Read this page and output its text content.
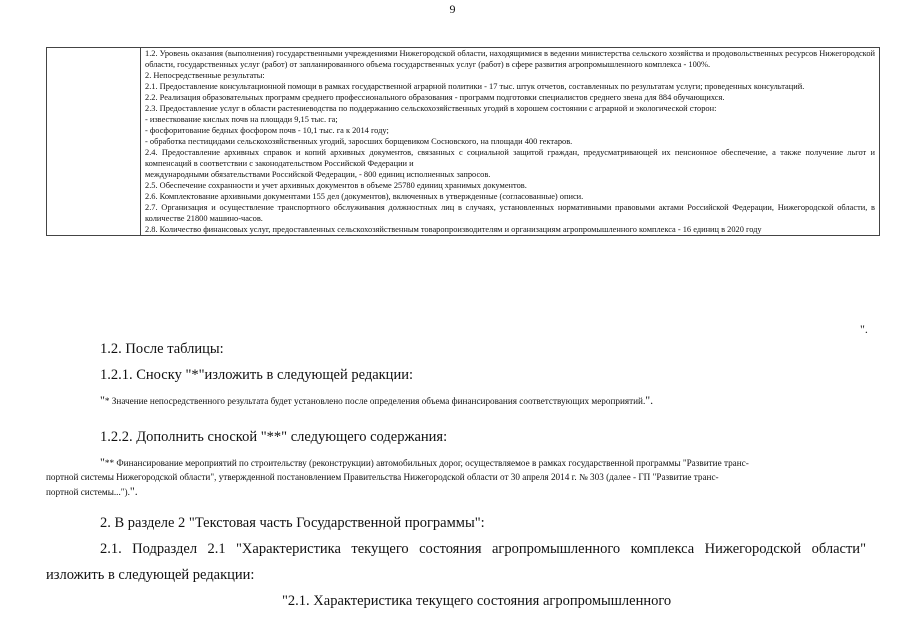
9

1.2. Уровень оказания (выполнения) государственными учреждениями Нижегородской области, находящимися в ведении министерства сельского хозяйства и продовольственных ресурсов Нижегородской области, государственных услуг (работ) от запланированного объема государственных услуг (работ) в сфере развития агропромышленного комплекса - 100%.
2. Непосредственные результаты:
2.1. Предоставление консультационной помощи в рамках государственной аграрной политики - 17 тыс. штук отчетов, составленных по результатам услуги; проведенных консультаций.
2.2. Реализация образовательных программ среднего профессионального образования - программ подготовки специалистов среднего звена для 884 обучающихся.
2.3. Предоставление услуг в области растениеводства по поддержанию сельскохозяйственных угодий в хорошем состоянии с аграрной и экологической сторон:
- известкование кислых почв на площади 9,15 тыс. га;
- фосфоритование бедных фосфором почв - 10,1 тыс. га к 2014 году;
- обработка пестицидами сельскохозяйственных угодий, заросших борщевиком Сосновского, на площади 400 гектаров.
2.4. Предоставление архивных справок и копий архивных документов, связанных с социальной защитой граждан, предусматривающей их пенсионное обеспечение, а также получение льгот и компенсаций в соответствии с законодательством Российской Федерации и
международными обязательствами Российской Федерации, - 800 единиц исполненных запросов.
2.5. Обеспечение сохранности и учет архивных документов в объеме 25780 единиц хранимых документов.
2.6. Комплектование архивными документами 155 дел (документов), включенных в утвержденные (согласованные) описи.
2.7. Организация и осуществление транспортного обслуживания должностных лиц в случаях, установленных нормативными правовыми актами Российской Федерации, Нижегородской области, в количестве 21800 машино-часов.
2.8. Количество финансовых услуг, предоставленных сельскохозяйственным товаропроизводителям и организациям агропромышленного комплекса - 16 единиц в 2020 году
".
1.2. После таблицы:
1.2.1. Сноску "*"изложить в следующей редакции:
"* Значение непосредственного результата будет установлено после определения объема финансирования соответствующих мероприятий.".
1.2.2. Дополнить сноской "**" следующего содержания:
"** Финансирование мероприятий по строительству (реконструкции) автомобильных дорог, осуществляемое в рамках государственной программы "Развитие транс-
портной системы Нижегородской области", утвержденной постановлением Правительства Нижегородской области от 30 апреля 2014 г. № 303 (далее - ГП "Развитие транс-
портной системы...").".
2. В разделе 2 "Текстовая часть Государственной программы":
2.1. Подраздел 2.1 "Характеристика текущего состояния агропромышленного комплекса Нижегородской области"
изложить в следующей редакции:
"2.1. Характеристика текущего состояния агропромышленного
